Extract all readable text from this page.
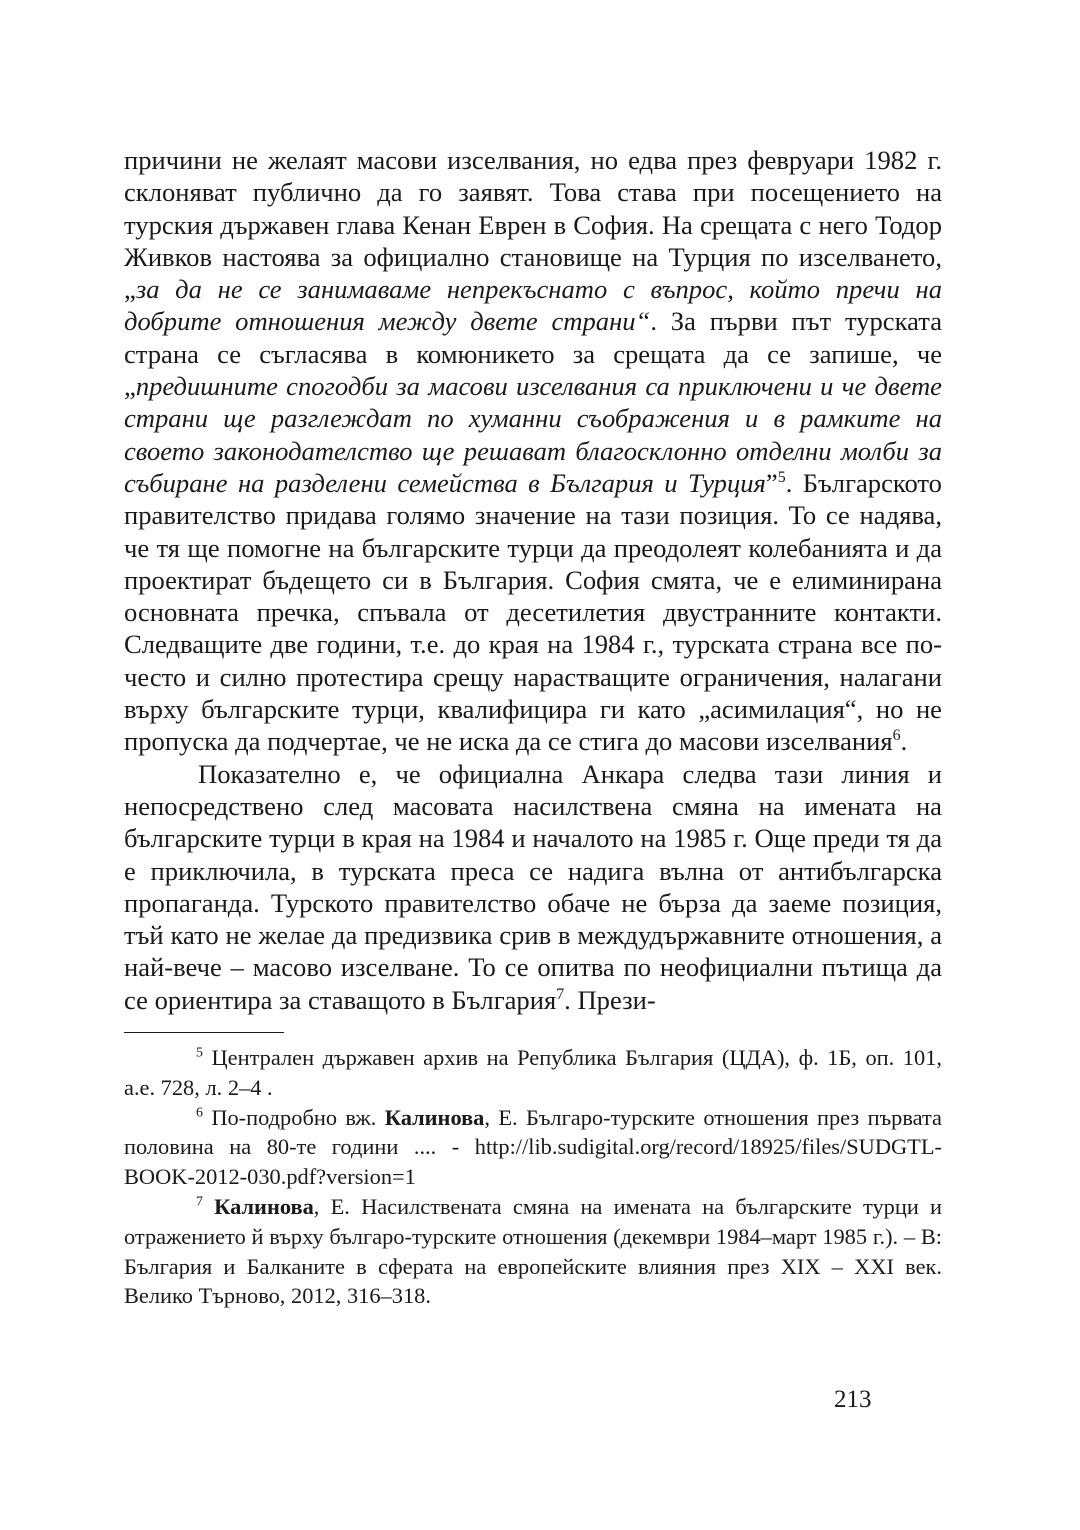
причини не желаят масови изселвания, но едва през февруари 1982 г. склоняват публично да го заявят. Това става при посещението на турския държавен глава Кенан Еврен в София. На срещата с него Тодор Живков настоява за официално становище на Турция по изселването, „за да не се занимаваме непрекъснато с въпрос, който пречи на добрите отношения между двете страни“. За първи път турската страна се съгласява в комюникето за срещата да се запише, че „предишните спогодби за масови изселвания са приключени и че двете страни ще разглеждат по хуманни съображения и в рамките на своето законодателство ще решават благосклонно отделни молби за събиране на разделени семейства в България и Турция”$^5$. Българското правителство придава голямо значение на тази позиция. То се надява, че тя ще помогне на българските турци да преодолеят колебанията и да проектират бъдещето си в България. София смята, че е елиминирана основната пречка, спъвала от десетилетия двустранните контакти. Следващите две години, т.е. до края на 1984 г., турската страна все по-често и силно протестира срещу нарастващите ограничения, налагани върху българските турци, квалифицира ги като „асимилация“, но не пропуска да подчертае, че не иска да се стига до масови изселвания$^6$.

Показателно е, че официална Анкара следва тази линия и непосредствено след масовата насилствена смяна на имената на българските турци в края на 1984 и началото на 1985 г. Още преди тя да е приключила, в турската преса се надига вълна от антибългарска пропаганда. Турското правителство обаче не бърза да заеме позиция, тъй като не желае да предизвика срив в междудържавните отношения, а най-вече – масово изселване. То се опитва по неофициални пътища да се ориентира за ставащото в България$^7$. Прези-

$^5$ Централен държавен архив на Република България (ЦДА), ф. 1Б, оп. 101, а.е. 728, л. 2–4 .

$^6$ По-подробно вж. Калинова, Е. Българо-турските отношения през първата половина на 80-те години .... - http://lib.sudigital.org/record/18925/files/SUDGTL-BOOK-2012-030.pdf?version=1

$^7$ Калинова, Е. Насилствената смяна на имената на българските турци и отражението й върху българо-турските отношения (декември 1984–март 1985 г.). – В: България и Балканите в сферата на европейските влияния през XIX – XXI век. Велико Търново, 2012, 316–318.

213
